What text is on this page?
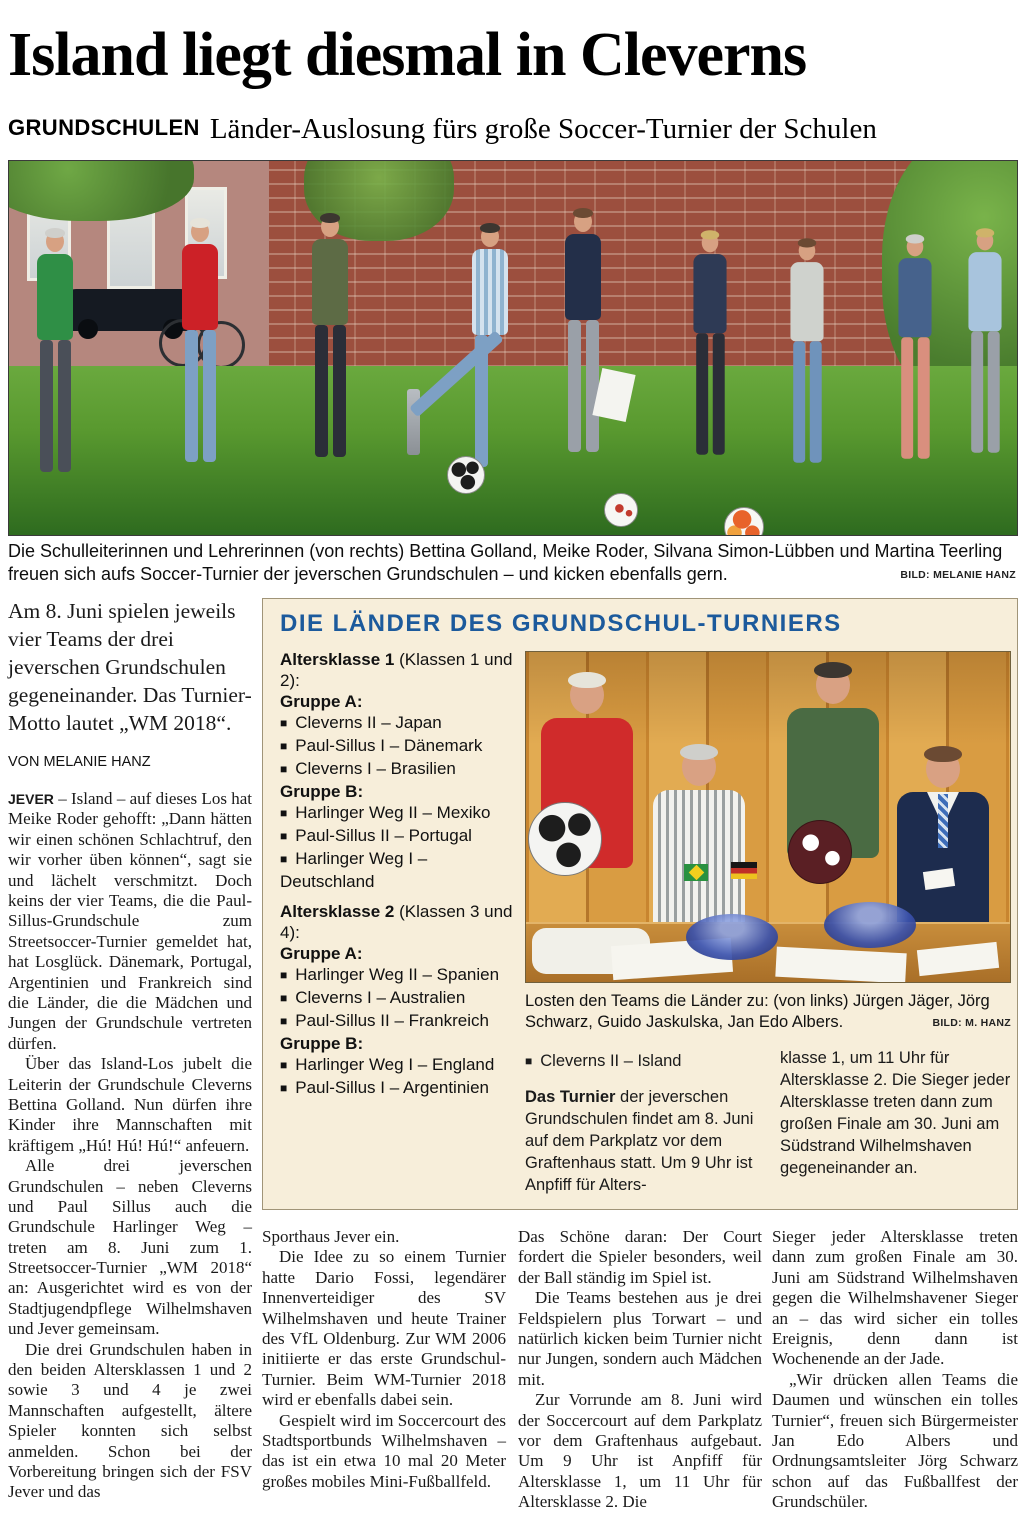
Island liegt diesmal in Cleverns
GRUNDSCHULEN Länder-Auslosung fürs große Soccer-Turnier der Schulen
Die Schulleiterinnen und Lehrerinnen (von rechts) Bettina Golland, Meike Roder, Silvana Simon-Lübben und Martina Teerling freuen sich aufs Soccer-Turnier der jeverschen Grundschulen – und kicken ebenfalls gern.	BILD: MELANIE HANZ

Am 8. Juni spielen jeweils vier Teams der drei jeverschen Grundschulen gegeneinander. Das Turnier-Motto lautet „WM 2018“.

VON MELANIE HANZ

JEVER – Island – auf dieses Los hat Meike Roder gehofft: „Dann hätten wir einen schönen Schlachtruf, den wir vorher üben können“, sagt sie und lächelt verschmitzt. Doch keins der vier Teams, die die Paul-Sillus-Grundschule zum Streetsoccer-Turnier gemeldet hat, hat Losglück. Dänemark, Portugal, Argentinien und Frankreich sind die Länder, die die Mädchen und Jungen der Grundschule vertreten dürfen.

Über das Island-Los jubelt die Leiterin der Grundschule Cleverns Bettina Golland. Nun dürfen ihre Kinder ihre Mannschaften mit kräftigem „Hú! Hú! Hú!“ anfeuern.

Alle drei jeverschen Grundschulen – neben Cleverns und Paul Sillus auch die Grundschule Harlinger Weg – treten am 8. Juni zum 1. Streetsoccer-Turnier „WM 2018“ an: Ausgerichtet wird es von der Stadtjugendpflege Wilhelmshaven und Jever gemeinsam.

Die drei Grundschulen haben in den beiden Altersklassen 1 und 2 sowie 3 und 4 je zwei Mannschaften aufgestellt, ältere Spieler konnten sich selbst anmelden. Schon bei der Vorbereitung bringen sich der FSV Jever und das

DIE LÄNDER DES GRUNDSCHUL-TURNIERS

Altersklasse 1 (Klassen 1 und 2):

Gruppe A:

■ Cleverns II – Japan

■ Paul-Sillus I – Dänemark

■ Cleverns I – Brasilien

Gruppe B:

■ Harlinger Weg II – Mexiko

■ Paul-Sillus II – Portugal

■ Harlinger Weg I – Deutschland

Altersklasse 2 (Klassen 3 und 4):

Gruppe A:

■ Harlinger Weg II – Spanien

■ Cleverns I – Australien

■ Paul-Sillus II – Frankreich

Gruppe B:

■ Harlinger Weg I – England

■ Paul-Sillus I – Argentinien

Losten den Teams die Länder zu: (von links) Jürgen Jäger, Jörg Schwarz, Guido Jaskulska, Jan Edo Albers.	BILD: M. HANZ

■ Cleverns II – Island

Das Turnier der jeverschen Grundschulen findet am 8. Juni auf dem Parkplatz vor dem Graftenhaus statt. Um 9 Uhr ist Anpfiff für Alters-

klasse 1, um 11 Uhr für Altersklasse 2. Die Sieger jeder Altersklasse treten dann zum großen Finale am 30. Juni am Südstrand Wilhelmshaven gegeneinander an.

Sporthaus Jever ein.

Die Idee zu so einem Turnier hatte Dario Fossi, legendärer Innenverteidiger des SV Wilhelmshaven und heute Trainer des VfL Oldenburg. Zur WM 2006 initiierte er das erste Grundschul-Turnier. Beim WM-Turnier 2018 wird er ebenfalls dabei sein.

Gespielt wird im Soccercourt des Stadtsportbunds Wilhelmshaven – das ist ein etwa 10 mal 20 Meter großes mobiles Mini-Fußballfeld.

Das Schöne daran: Der Court fordert die Spieler besonders, weil der Ball ständig im Spiel ist.

Die Teams bestehen aus je drei Feldspielern plus Torwart – und natürlich kicken beim Turnier nicht nur Jungen, sondern auch Mädchen mit.

Zur Vorrunde am 8. Juni wird der Soccercourt auf dem Parkplatz vor dem Graftenhaus aufgebaut. Um 9 Uhr ist Anpfiff für Altersklasse 1, um 11 Uhr für Altersklasse 2. Die

Sieger jeder Altersklasse treten dann zum großen Finale am 30. Juni am Südstrand Wilhelmshaven gegen die Wilhelmshavener Sieger an – das wird sicher ein tolles Ereignis, denn dann ist Wochenende an der Jade.

„Wir drücken allen Teams die Daumen und wünschen ein tolles Turnier“, freuen sich Bürgermeister Jan Edo Albers und Ordnungsamtsleiter Jörg Schwarz schon auf das Fußballfest der Grundschüler.
